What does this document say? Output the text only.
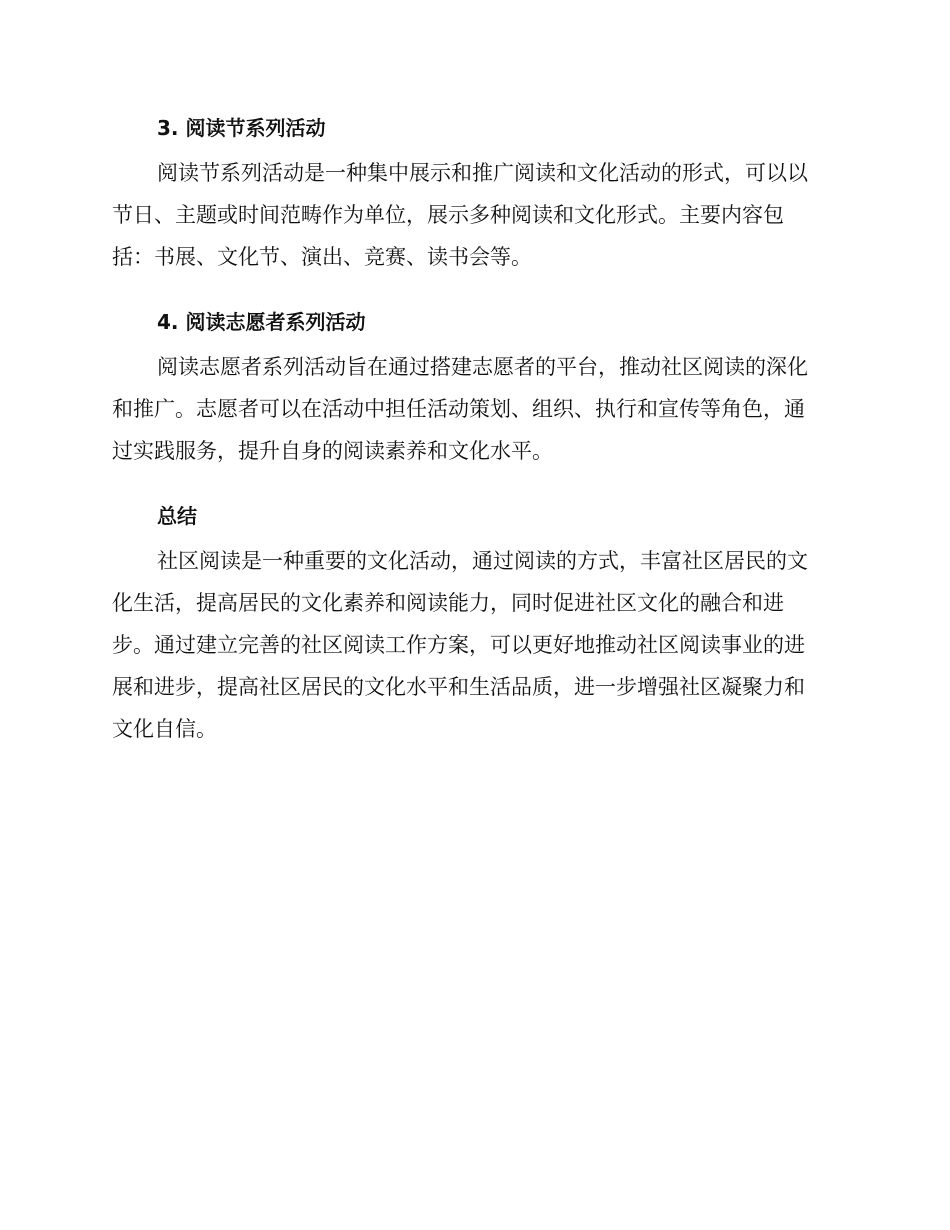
3. 阅读节系列活动

阅读节系列活动是一种集中展示和推广阅读和文化活动的形式，可以以
节日、主题或时间范畴作为单位，展示多种阅读和文化形式。主要内容包
括：书展、文化节、演出、竞赛、读书会等。

4. 阅读志愿者系列活动

阅读志愿者系列活动旨在通过搭建志愿者的平台，推动社区阅读的深化
和推广。志愿者可以在活动中担任活动策划、组织、执行和宣传等角色，通
过实践服务，提升自身的阅读素养和文化水平。

总结

社区阅读是一种重要的文化活动，通过阅读的方式，丰富社区居民的文
化生活，提高居民的文化素养和阅读能力，同时促进社区文化的融合和进
步。通过建立完善的社区阅读工作方案，可以更好地推动社区阅读事业的进
展和进步，提高社区居民的文化水平和生活品质，进一步增强社区凝聚力和
文化自信。
